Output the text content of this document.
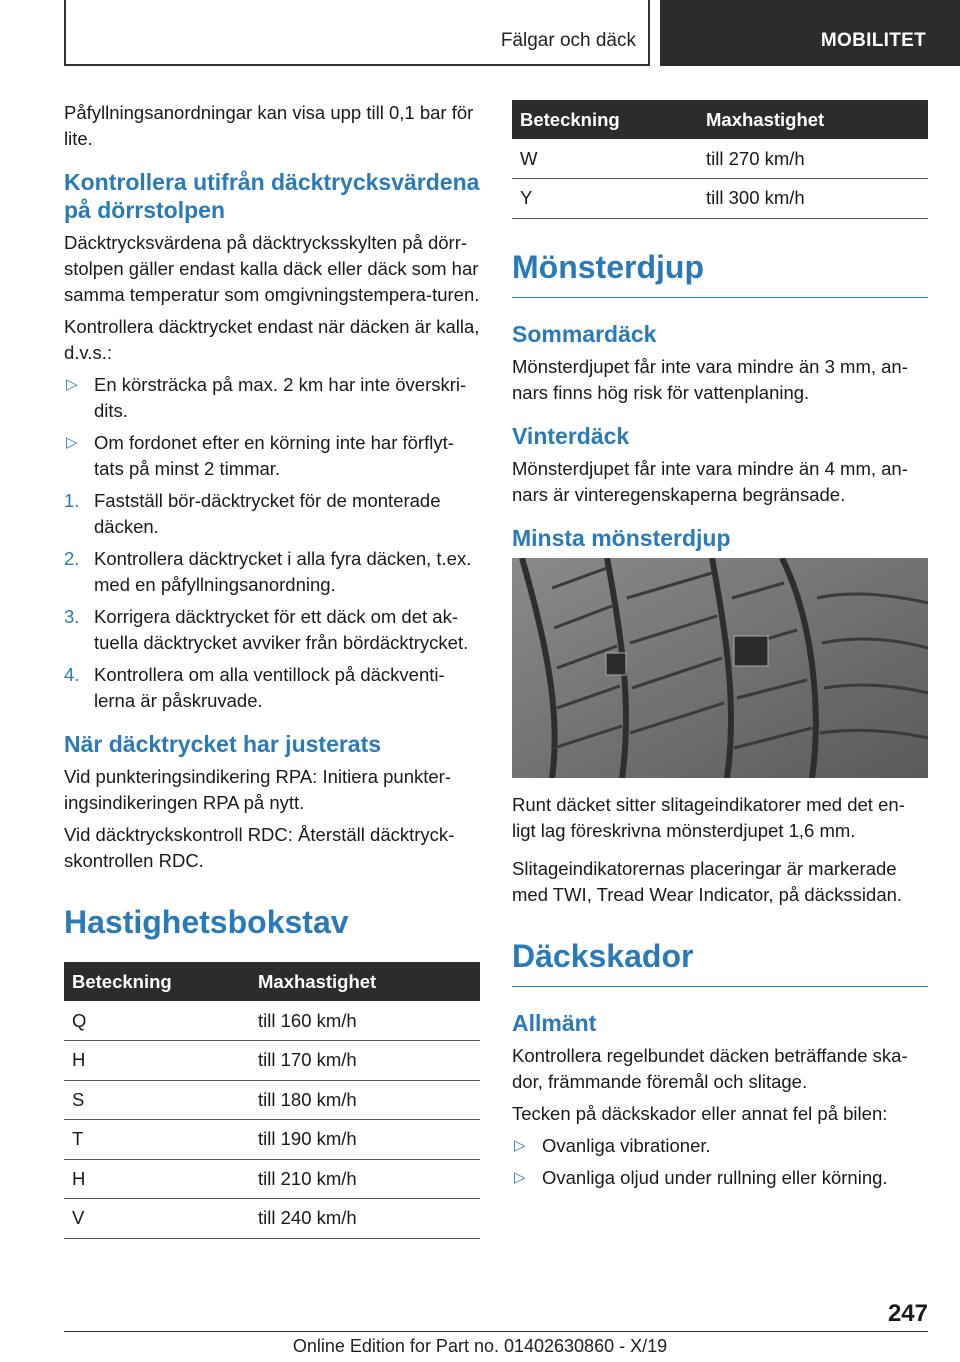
Fälgar och däck	MOBILITET

Påfyllningsanordningar kan visa upp till 0,1 bar för lite.

Kontrollera utifrån däcktrycksvärdena på dörrstolpen

Däcktrycksvärdena på däcktrycksskylten på dörr-stolpen gäller endast kalla däck eller däck som har samma temperatur som omgivningstempera-turen.

Kontrollera däcktrycket endast när däcken är kalla, d.v.s.:

▷ En körsträcka på max. 2 km har inte överskri-dits.
▷ Om fordonet efter en körning inte har förflyt-tats på minst 2 timmar.
1. Fastställ bör-däcktrycket för de monterade däcken.
2. Kontrollera däcktrycket i alla fyra däcken, t.ex. med en påfyllningsanordning.
3. Korrigera däcktrycket för ett däck om det ak-tuella däcktrycket avviker från bördäcktrycket.
4. Kontrollera om alla ventillock på däckventi-lerna är påskruvade.
När däcktrycket har justerats

Vid punkteringsindikering RPA: Initiera punkter-ingsindikeringen RPA på nytt.

Vid däcktryckskontroll RDC: Återställ däcktryck-skontrollen RDC.

Hastighetsbokstav
Beteckning	Maxhastighet
Q	till 160 km/h
H	till 170 km/h
S	till 180 km/h
T	till 190 km/h
H	till 210 km/h
V	till 240 km/h
Beteckning	Maxhastighet
W	till 270 km/h
Y	till 300 km/h
Mönsterdjup
Sommardäck

Mönsterdjupet får inte vara mindre än 3 mm, an-nars finns hög risk för vattenplaning.

Vinterdäck

Mönsterdjupet får inte vara mindre än 4 mm, an-nars är vinteregenskaperna begränsade.

Minsta mönsterdjup

Runt däcket sitter slitageindikatorer med det en-ligt lag föreskrivna mönsterdjupet 1,6 mm.

Slitageindikatorernas placeringar är markerade med TWI, Tread Wear Indicator, på däckssidan.

Däckskador
Allmänt

Kontrollera regelbundet däcken beträffande ska-dor, främmande föremål och slitage.

Tecken på däckskador eller annat fel på bilen:

▷ Ovanliga vibrationer.
▷ Ovanliga oljud under rullning eller körning.
247
Online Edition for Part no. 01402630860 - X/19
